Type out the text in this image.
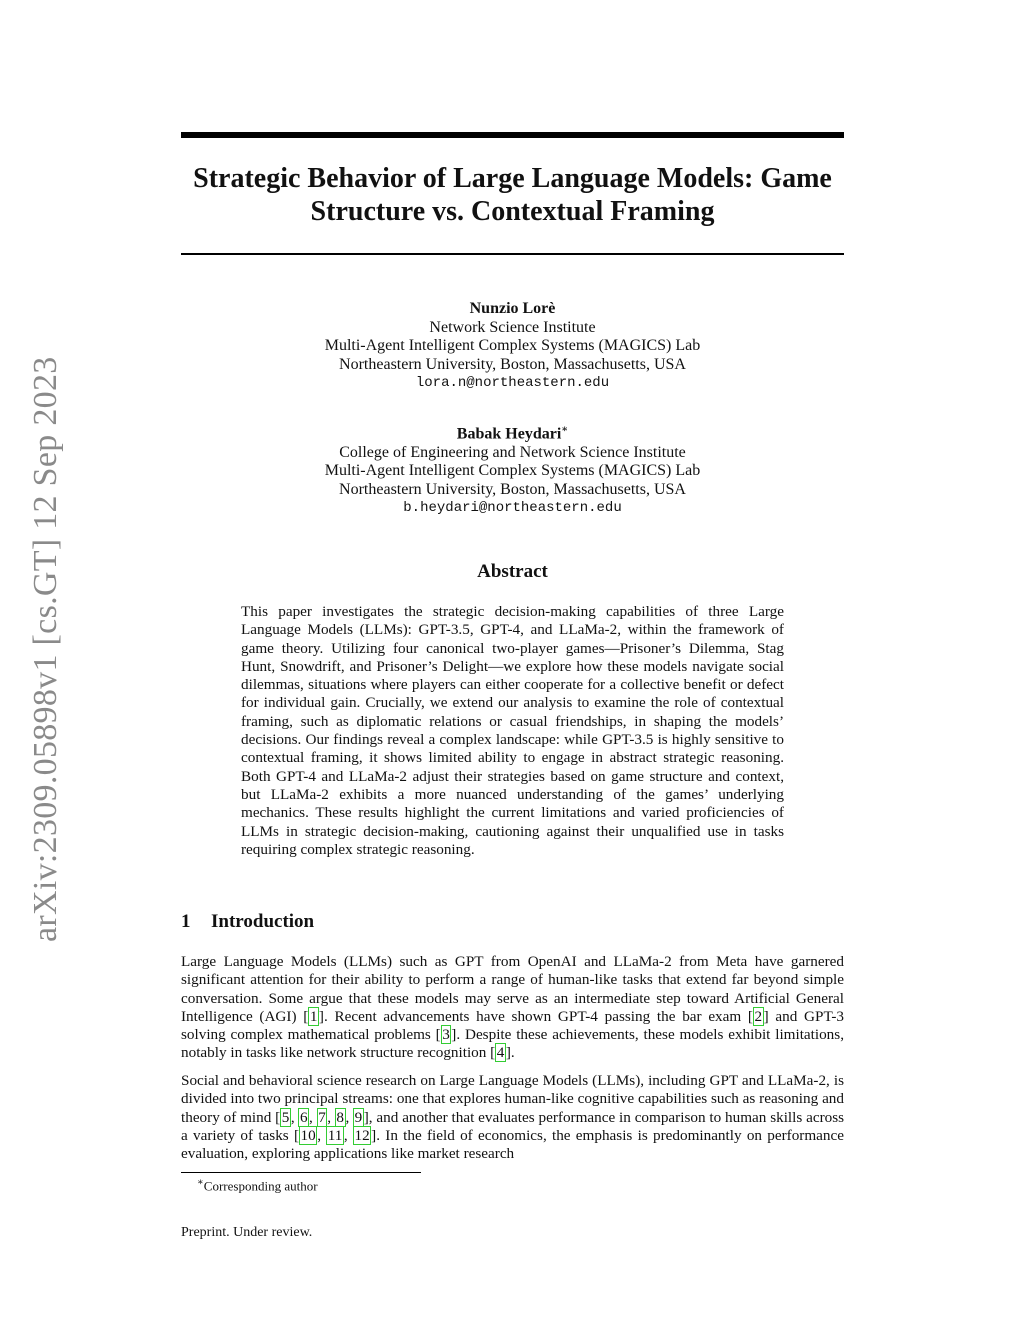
arXiv:2309.05898v1 [cs.GT] 12 Sep 2023
Strategic Behavior of Large Language Models: Game
Structure vs. Contextual Framing
Nunzio Lorè
Network Science Institute
Multi-Agent Intelligent Complex Systems (MAGICS) Lab
Northeastern University, Boston, Massachusetts, USA
lora.n@northeastern.edu
Babak Heydari∗
College of Engineering and Network Science Institute
Multi-Agent Intelligent Complex Systems (MAGICS) Lab
Northeastern University, Boston, Massachusetts, USA
b.heydari@northeastern.edu
Abstract

This paper investigates the strategic decision-making capabilities of three Large Language Models (LLMs): GPT-3.5, GPT-4, and LLaMa-2, within the framework of game theory. Utilizing four canonical two-player games—Prisoner’s Dilemma, Stag Hunt, Snowdrift, and Prisoner’s Delight—we explore how these models navigate social dilemmas, situations where players can either cooperate for a collective benefit or defect for individual gain. Crucially, we extend our analysis to examine the role of contextual framing, such as diplomatic relations or casual friendships, in shaping the models’ decisions. Our findings reveal a complex landscape: while GPT-3.5 is highly sensitive to contextual framing, it shows limited ability to engage in abstract strategic reasoning. Both GPT-4 and LLaMa-2 adjust their strategies based on game structure and context, but LLaMa-2 exhibits a more nuanced understanding of the games’ underlying mechanics. These results highlight the current limitations and varied proficiencies of LLMs in strategic decision-making, cautioning against their unqualified use in tasks requiring complex strategic reasoning.

1 Introduction

Large Language Models (LLMs) such as GPT from OpenAI and LLaMa-2 from Meta have garnered significant attention for their ability to perform a range of human-like tasks that extend far beyond simple conversation. Some argue that these models may serve as an intermediate step toward Artificial General Intelligence (AGI) [1]. Recent advancements have shown GPT-4 passing the bar exam [2] and GPT-3 solving complex mathematical problems [3]. Despite these achievements, these models exhibit limitations, notably in tasks like network structure recognition [4].

Social and behavioral science research on Large Language Models (LLMs), including GPT and LLaMa-2, is divided into two principal streams: one that explores human-like cognitive capabilities such as reasoning and theory of mind [5, 6, 7, 8, 9], and another that evaluates performance in comparison to human skills across a variety of tasks [10, 11, 12]. In the field of economics, the emphasis is predominantly on performance evaluation, exploring applications like market research

∗Corresponding author
Preprint. Under review.
